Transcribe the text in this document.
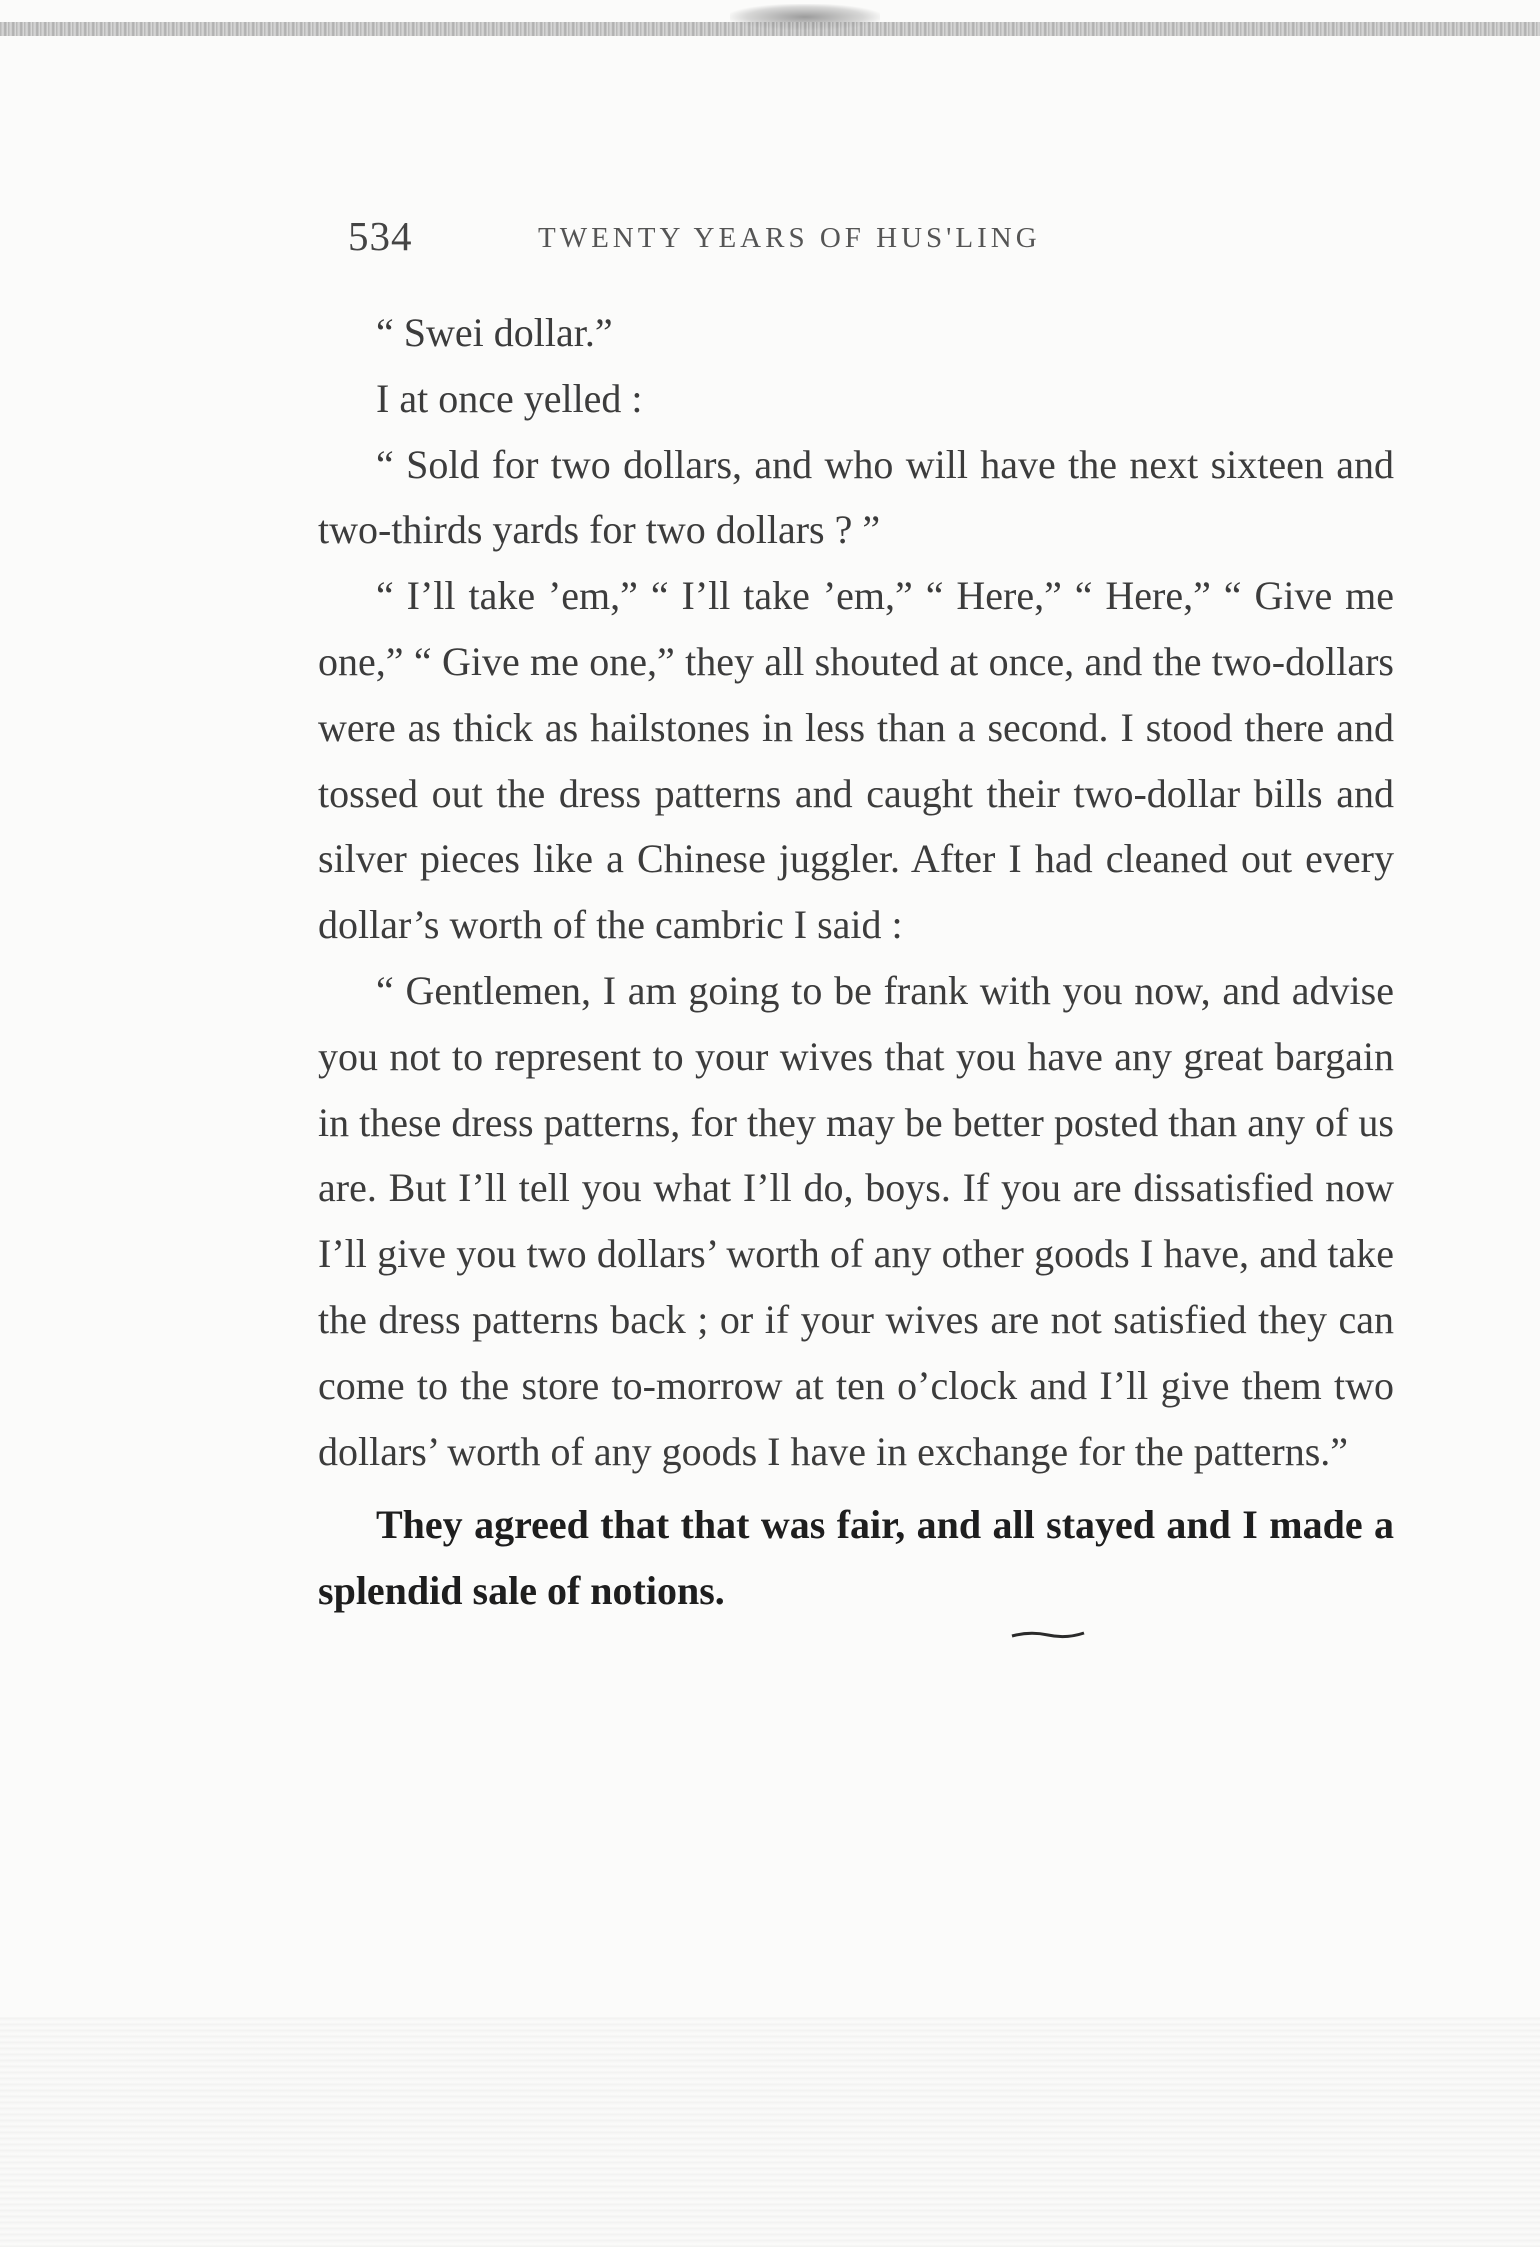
534	TWENTY YEARS OF HUS'LING

“ Swei dollar.”

I at once yelled :

“ Sold for two dollars, and who will have the next sixteen and two-thirds yards for two dollars ? ”

“ I’ll take ’em,” “ I’ll take ’em,” “ Here,” “ Here,” “ Give me one,” “ Give me one,” they all shouted at once, and the two-dollars were as thick as hailstones in less than a second. I stood there and tossed out the dress patterns and caught their two-dollar bills and silver pieces like a Chinese juggler. After I had cleaned out every dollar’s worth of the cambric I said :

“ Gentlemen, I am going to be frank with you now, and advise you not to represent to your wives that you have any great bargain in these dress patterns, for they may be better posted than any of us are. But I’ll tell you what I’ll do, boys. If you are dissatisfied now I’ll give you two dollars’ worth of any other goods I have, and take the dress patterns back ; or if your wives are not satisfied they can come to the store to-morrow at ten o’clock and I’ll give them two dollars’ worth of any goods I have in exchange for the patterns.”

They agreed that that was fair, and all stayed and I made a splendid sale of notions.
